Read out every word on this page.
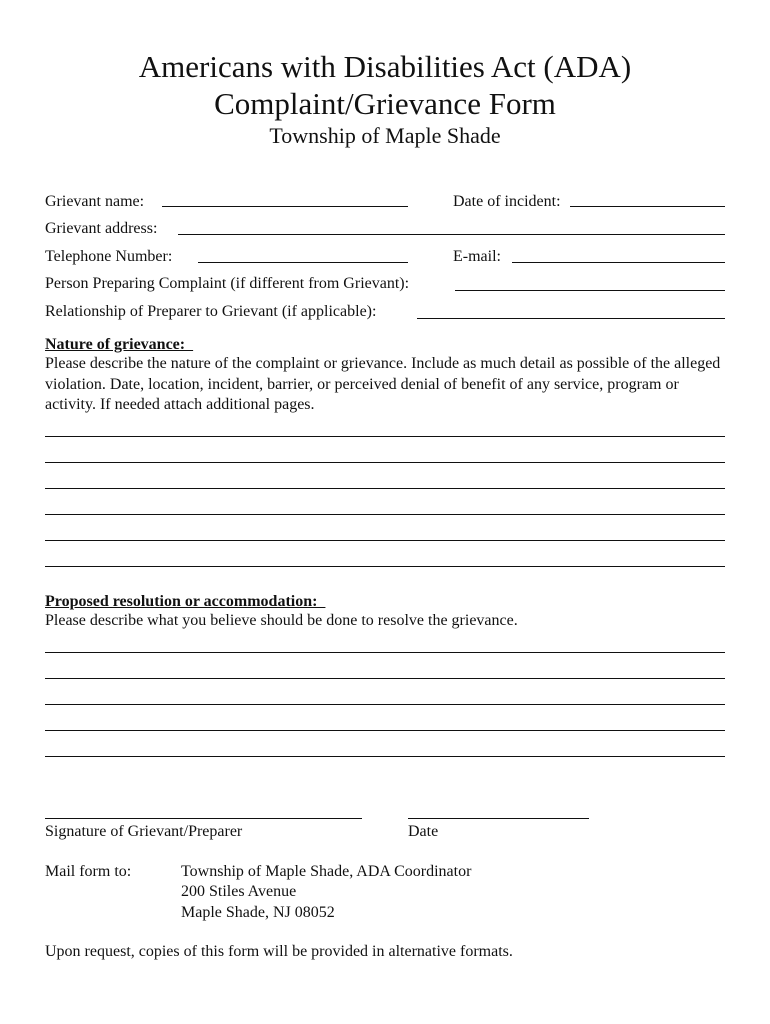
Americans with Disabilities Act (ADA)
Complaint/Grievance Form
Township of Maple Shade
Grievant name:	Date of incident:
Grievant address:
Telephone Number:	E-mail:
Person Preparing Complaint (if different from Grievant):
Relationship of Preparer to Grievant (if applicable):
Nature of grievance:
Please describe the nature of the complaint or grievance. Include as much detail as possible of the alleged violation. Date, location, incident, barrier, or perceived denial of benefit of any service, program or activity. If needed attach additional pages.
Proposed resolution or accommodation:
Please describe what you believe should be done to resolve the grievance.
Signature of Grievant/Preparer	Date
Mail form to:	Township of Maple Shade, ADA Coordinator
200 Stiles Avenue
Maple Shade, NJ 08052
Upon request, copies of this form will be provided in alternative formats.
